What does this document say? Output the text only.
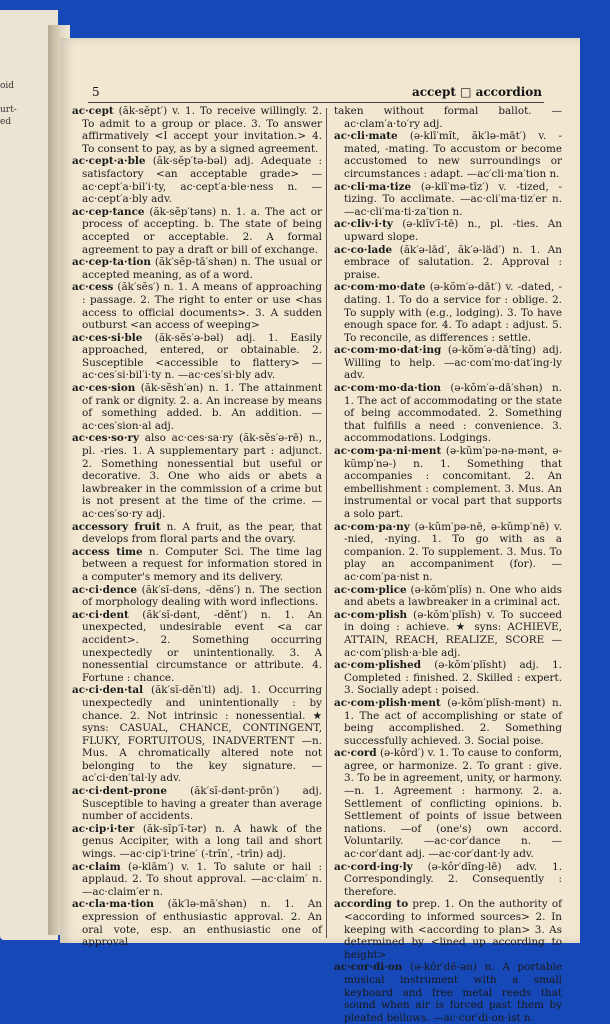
oid

urt-
ed
5	accept □ accordion

ac·cept (ăk-sĕpt′) v. 1. To receive willingly. 2. To admit to a group or place. 3. To answer affirmatively <I accept your invitation.> 4. To consent to pay, as by a signed agreement.

ac·cept·a·ble (ăk-sĕp′tə-bəl) adj. Adequate : satisfactory <an acceptable grade> —ac·cept′a·bil′i·ty, ac·cept′a·ble·ness n. —ac·cept′a·bly adv.

ac·cep·tance (ăk-sĕp′təns) n. 1. a. The act or process of accepting. b. The state of being accepted or acceptable. 2. A formal agreement to pay a draft or bill of exchange.

ac·cep·ta·tion (ăk′sĕp-tā′shən) n. The usual or accepted meaning, as of a word.

ac·cess (ăk′sĕs′) n. 1. A means of approaching : passage. 2. The right to enter or use <has access to official documents>. 3. A sudden outburst <an access of weeping>

ac·ces·si·ble (ăk-sĕs′ə-bəl) adj. 1. Easily approached, entered, or obtainable. 2. Susceptible <accessible to flattery> —ac·ces′si·bil′i·ty n. —ac·ces′si·bly adv.

ac·ces·sion (ăk-sĕsh′ən) n. 1. The attainment of rank or dignity. 2. a. An increase by means of something added. b. An addition. —ac·ces′sion·al adj.

ac·ces·so·ry also ac·ces·sa·ry (ăk-sĕs′ə-rē) n., pl. -ries. 1. A supplementary part : adjunct. 2. Something nonessential but useful or decorative. 3. One who aids or abets a lawbreaker in the commission of a crime but is not present at the time of the crime. —ac·ces′so·ry adj.

accessory fruit n. A fruit, as the pear, that develops from floral parts and the ovary.

access time n. Computer Sci. The time lag between a request for information stored in a computer's memory and its delivery.

ac·ci·dence (ăk′sĭ-dəns, -dĕns′) n. The section of morphology dealing with word inflections.

ac·ci·dent (ăk′sĭ-dənt, -dĕnt′) n. 1. An unexpected, undesirable event <a car accident>. 2. Something occurring unexpectedly or unintentionally. 3. A nonessential circumstance or attribute. 4. Fortune : chance.

ac·ci·den·tal (ăk′sĭ-dĕn′tl) adj. 1. Occurring unexpectedly and unintentionally : by chance. 2. Not intrinsic : nonessential. ★ syns: CASUAL, CHANCE, CONTINGENT, FLUKY, FORTUITOUS, INADVERTENT —n. Mus. A chromatically altered note not belonging to the key signature. —ac′ci·den′tal·ly adv.

ac·ci·dent-prone (ăk′sĭ-dənt-prōn′) adj. Susceptible to having a greater than average number of accidents.

ac·cip·i·ter (ăk-sĭp′ĭ-tər) n. A hawk of the genus Accipiter, with a long tail and short wings. —ac·cip′i·trine′ (-trĭn′, -trīn) adj.

ac·claim (ə-klām′) v. 1. To salute or hail : applaud. 2. To shout approval. —ac·claim′ n. —ac·claim′er n.

ac·cla·ma·tion (ăk′lə-mā′shən) n. 1. An expression of enthusiastic approval. 2. An oral vote, esp. an enthusiastic one of approval

taken without formal ballot. —ac·clam′a·to′ry adj.

ac·cli·mate (ə-klī′mĭt, ăk′lə-māt′) v. -mated, -mating. To accustom or become accustomed to new surroundings or circumstances : adapt. —ac′cli·ma′tion n.

ac·cli·ma·tize (ə-klī′mə-tīz′) v. -tized, -tizing. To acclimate. —ac·cli′ma·tiz′er n. —ac·cli′ma·ti·za′tion n.

ac·cliv·i·ty (ə-klĭv′ĭ-tē) n., pl. -ties. An upward slope.

ac·co·lade (ăk′ə-lād′, ăk′ə-läd′) n. 1. An embrace of salutation. 2. Approval : praise.

ac·com·mo·date (ə-kŏm′ə-dāt′) v. -dated, -dating. 1. To do a service for : oblige. 2. To supply with (e.g., lodging). 3. To have enough space for. 4. To adapt : adjust. 5. To reconcile, as differences : settle.

ac·com·mo·dat·ing (ə-kŏm′ə-dā′tĭng) adj. Willing to help. —ac·com′mo·dat′ing·ly adv.

ac·com·mo·da·tion (ə-kŏm′ə-dā′shən) n. 1. The act of accommodating or the state of being accommodated. 2. Something that fulfills a need : convenience. 3. accommodations. Lodgings.

ac·com·pa·ni·ment (ə-kŭm′pə-nə-mənt, ə-kŭmp′nə-) n. 1. Something that accompanies : concomitant. 2. An embellishment : complement. 3. Mus. An instrumental or vocal part that supports a solo part.

ac·com·pa·ny (ə-kŭm′pə-nē, ə-kŭmp′nē) v. -nied, -nying. 1. To go with as a companion. 2. To supplement. 3. Mus. To play an accompaniment (for). —ac·com′pa·nist n.

ac·com·plice (ə-kŏm′plĭs) n. One who aids and abets a lawbreaker in a criminal act.

ac·com·plish (ə-kŏm′plĭsh) v. To succeed in doing : achieve. ★ syns: ACHIEVE, ATTAIN, REACH, REALIZE, SCORE —ac·com′plish·a·ble adj.

ac·com·plished (ə-kŏm′plĭsht) adj. 1. Completed : finished. 2. Skilled : expert. 3. Socially adept : poised.

ac·com·plish·ment (ə-kŏm′plĭsh-mənt) n. 1. The act of accomplishing or state of being accomplished. 2. Something successfully achieved. 3. Social poise.

ac·cord (ə-kôrd′) v. 1. To cause to conform, agree, or harmonize. 2. To grant : give. 3. To be in agreement, unity, or harmony. —n. 1. Agreement : harmony. 2. a. Settlement of conflicting opinions. b. Settlement of points of issue between nations. —of (one's) own accord. Voluntarily. —ac·cor′dance n. —ac·cor′dant adj. —ac·cor′dant·ly adv.

ac·cord·ing·ly (ə-kôr′dĭng-lē) adv. 1. Correspondingly. 2. Consequently : therefore.

according to prep. 1. On the authority of <according to informed sources> 2. In keeping with <according to plan> 3. As determined by <lined up according to height>

ac·cor·di·on (ə-kôr′dē-ən) n. A portable musical instrument with a small keyboard and free metal reeds that sound when air is forced past them by pleated bellows. —ac·cor′di·on·ist n.
